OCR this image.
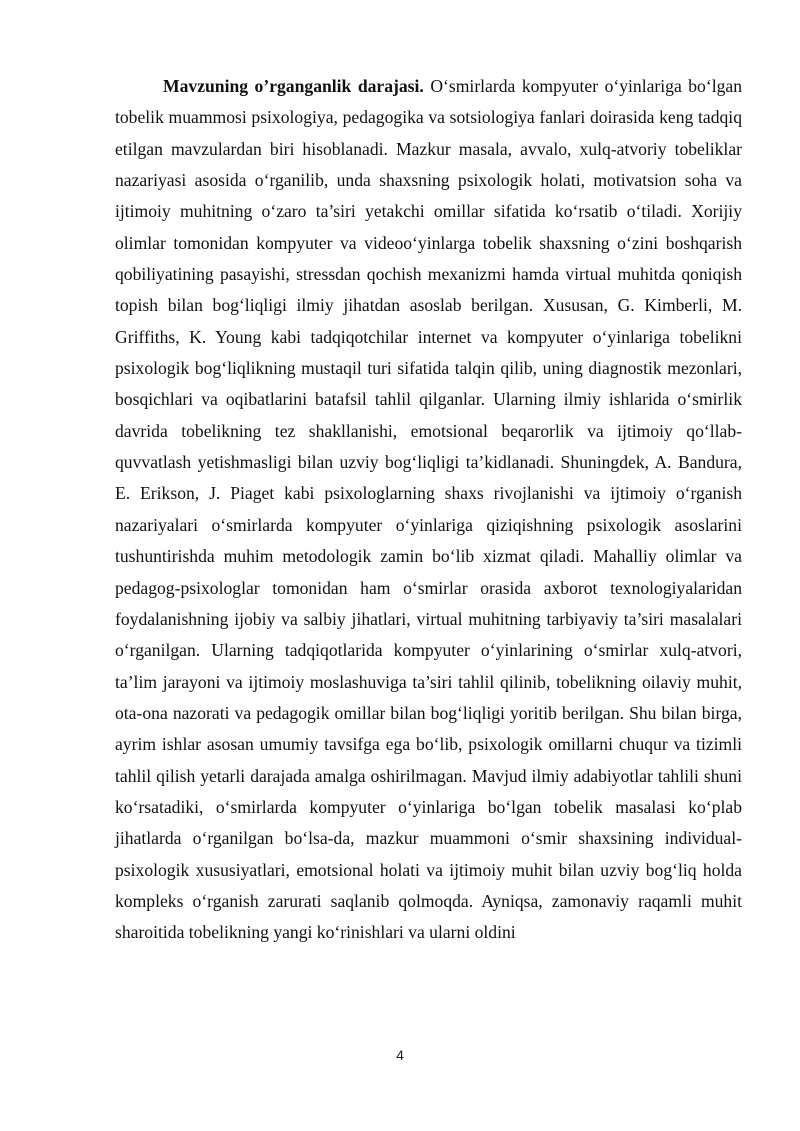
Mavzuning o’rganganlik darajasi. O‘smirlarda kompyuter o‘yinlariga bo‘lgan tobelik muammosi psixologiya, pedagogika va sotsiologiya fanlari doirasida keng tadqiq etilgan mavzulardan biri hisoblanadi. Mazkur masala, avvalo, xulq-atvoriy tobeliklar nazariyasi asosida o‘rganilib, unda shaxsning psixologik holati, motivatsion soha va ijtimoiy muhitning o‘zaro ta’siri yetakchi omillar sifatida ko‘rsatib o‘tiladi. Xorijiy olimlar tomonidan kompyuter va videoo‘yinlarga tobelik shaxsning o‘zini boshqarish qobiliyatining pasayishi, stressdan qochish mexanizmi hamda virtual muhitda qoniqish topish bilan bog‘liqligi ilmiy jihatdan asoslab berilgan. Xususan, G. Kimberli, M. Griffiths, K. Young kabi tadqiqotchilar internet va kompyuter o‘yinlariga tobelikni psixologik bog‘liqlikning mustaqil turi sifatida talqin qilib, uning diagnostik mezonlari, bosqichlari va oqibatlarini batafsil tahlil qilganlar. Ularning ilmiy ishlarida o‘smirlik davrida tobelikning tez shakllanishi, emotsional beqarorlik va ijtimoiy qo‘llab-quvvatlash yetishmasligi bilan uzviy bog‘liqligi ta’kidlanadi. Shuningdek, A. Bandura, E. Erikson, J. Piaget kabi psixologlarning shaxs rivojlanishi va ijtimoiy o‘rganish nazariyalari o‘smirlarda kompyuter o‘yinlariga qiziqishning psixologik asoslarini tushuntirishda muhim metodologik zamin bo‘lib xizmat qiladi. Mahalliy olimlar va pedagog-psixologlar tomonidan ham o‘smirlar orasida axborot texnologiyalaridan foydalanishning ijobiy va salbiy jihatlari, virtual muhitning tarbiyaviy ta’siri masalalari o‘rganilgan. Ularning tadqiqotlarida kompyuter o‘yinlarining o‘smirlar xulq-atvori, ta’lim jarayoni va ijtimoiy moslashuviga ta’siri tahlil qilinib, tobelikning oilaviy muhit, ota-ona nazorati va pedagogik omillar bilan bog‘liqligi yoritib berilgan. Shu bilan birga, ayrim ishlar asosan umumiy tavsifga ega bo‘lib, psixologik omillarni chuqur va tizimli tahlil qilish yetarli darajada amalga oshirilmagan. Mavjud ilmiy adabiyotlar tahlili shuni ko‘rsatadiki, o‘smirlarda kompyuter o‘yinlariga bo‘lgan tobelik masalasi ko‘plab jihatlarda o‘rganilgan bo‘lsa-da, mazkur muammoni o‘smir shaxsining individual-psixologik xususiyatlari, emotsional holati va ijtimoiy muhit bilan uzviy bog‘liq holda kompleks o‘rganish zarurati saqlanib qolmoqda. Ayniqsa, zamonaviy raqamli muhit sharoitida tobelikning yangi ko‘rinishlari va ularni oldini

4
